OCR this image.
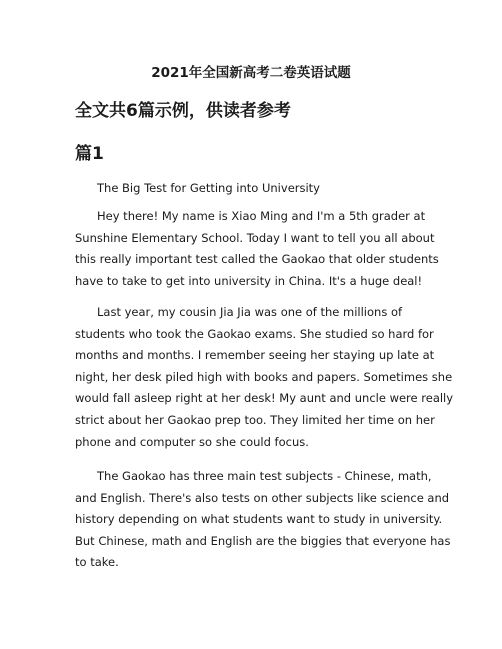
2021年全国新高考二卷英语试题
全文共6篇示例，供读者参考
篇1
The Big Test for Getting into University
Hey there! My name is Xiao Ming and I'm a 5th grader at
Sunshine Elementary School. Today I want to tell you all about
this really important test called the Gaokao that older students
have to take to get into university in China. It's a huge deal!
Last year, my cousin Jia Jia was one of the millions of
students who took the Gaokao exams. She studied so hard for
months and months. I remember seeing her staying up late at
night, her desk piled high with books and papers. Sometimes she
would fall asleep right at her desk! My aunt and uncle were really
strict about her Gaokao prep too. They limited her time on her
phone and computer so she could focus.
The Gaokao has three main test subjects - Chinese, math,
and English. There's also tests on other subjects like science and
history depending on what students want to study in university.
But Chinese, math and English are the biggies that everyone has
to take.
